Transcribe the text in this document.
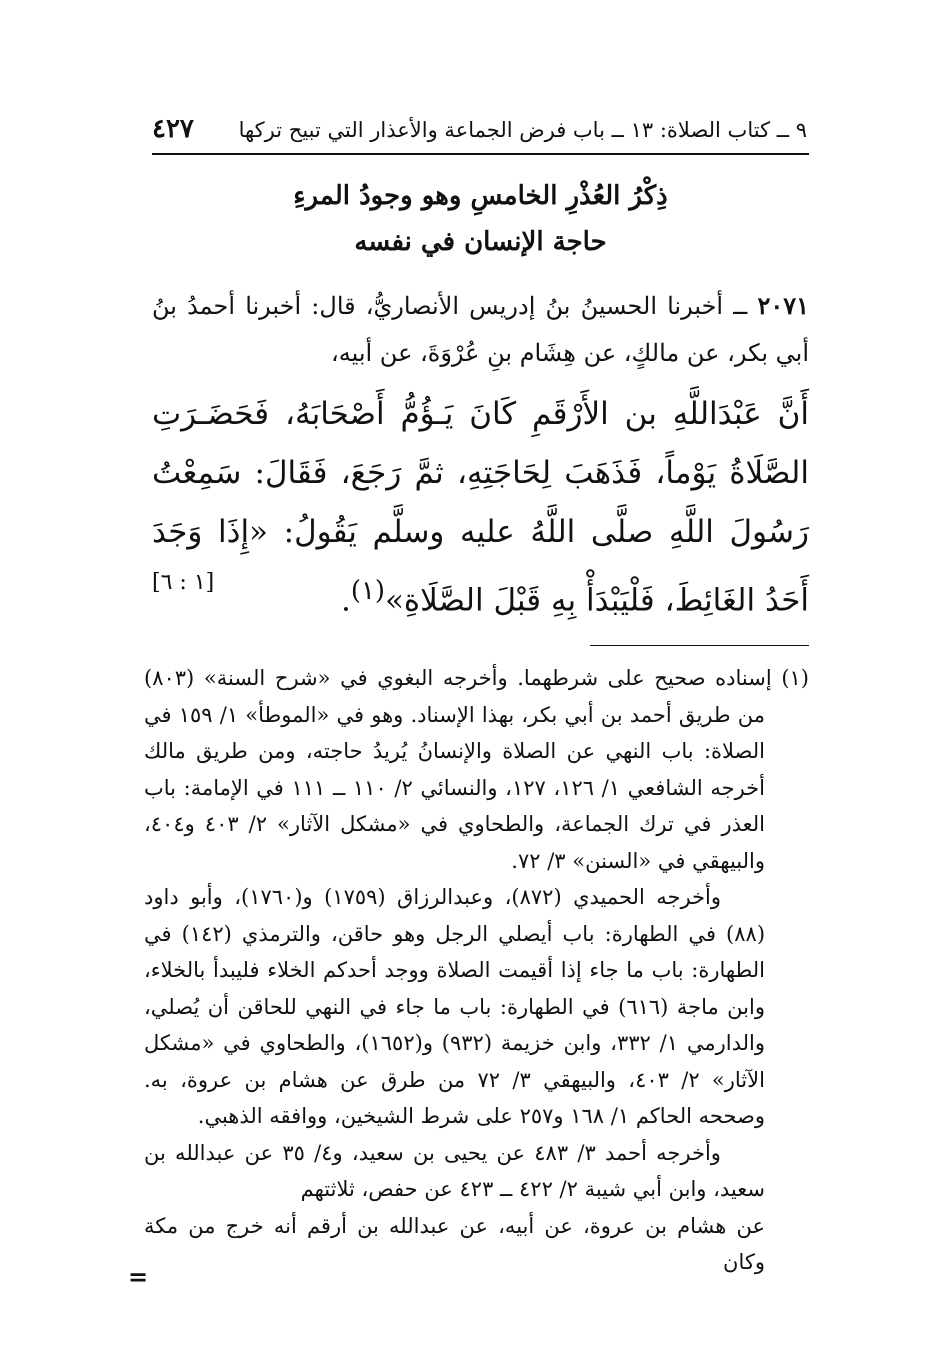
٩ ــ كتاب الصلاة: ١٣ ــ باب فرض الجماعة والأعذار التي تبيح تركها
٤٢٧
ذِكْرُ العُذْرِ الخامسِ وهو وجودُ المرءِ
حاجة الإنسان في نفسه
٢٠٧١ ــ أخبرنا الحسينُ بنُ إدريس الأنصاريُّ، قال: أخبرنا أحمدُ بنُ أبي بكر، عن مالكٍ، عن هِشَام بنِ عُرْوَةَ، عن أبيه،
أَنَّ عَبْدَاللَّهِ بن الأَرْقَمِ كَانَ يَـؤُمُّ أَصْحَابَهُ، فَحَضَـرَتِ الصَّلَاةُ يَوْماً، فَذَهَبَ لِحَاجَتِهِ، ثمَّ رَجَعَ، فَقَالَ: سَمِعْتُ رَسُولَ اللَّهِ صلَّى اللَّهُ عليه وسلَّم يَقُولُ: «إِذَا وَجَدَ أَحَدُ الغَائِطَ، فَلْيَبْدَأْ بِهِ قَبْلَ الصَّلَاةِ»$^{(١)}$.
[١ : ٦]

(١) إسناده صحيح على شرطهما. وأخرجه البغوي في «شرح السنة» (٨٠٣) من طريق أحمد بن أبي بكر، بهذا الإسناد. وهو في «الموطأ» ١/ ١٥٩ في الصلاة: باب النهي عن الصلاة والإنسانُ يُريدُ حاجته، ومن طريق مالك أخرجه الشافعي ١/ ١٢٦، ١٢٧، والنسائي ٢/ ١١٠ ــ ١١١ في الإمامة: باب العذر في ترك الجماعة، والطحاوي في «مشكل الآثار» ٢/ ٤٠٣ و٤٠٤، والبيهقي في «السنن» ٣/ ٧٢.

وأخرجه الحميدي (٨٧٢)، وعبدالرزاق (١٧٥٩) و(١٧٦٠)، وأبو داود (٨٨) في الطهارة: باب أيصلي الرجل وهو حاقن، والترمذي (١٤٢) في الطهارة: باب ما جاء إذا أقيمت الصلاة ووجد أحدكم الخلاء فليبدأ بالخلاء، وابن ماجة (٦١٦) في الطهارة: باب ما جاء في النهي للحاقن أن يُصلي، والدارمي ١/ ٣٣٢، وابن خزيمة (٩٣٢) و(١٦٥٢)، والطحاوي في «مشكل الآثار» ٢/ ٤٠٣، والبيهقي ٣/ ٧٢ من طرق عن هشام بن عروة، به. وصححه الحاكم ١/ ١٦٨ و٢٥٧ على شرط الشيخين، ووافقه الذهبي.

وأخرجه أحمد ٣/ ٤٨٣ عن يحيى بن سعيد، و٤/ ٣٥ عن عبدالله بن سعيد، وابن أبي شيبة ٢/ ٤٢٢ ــ ٤٢٣ عن حفص، ثلاثتهم

عن هشام بن عروة، عن أبيه، عن عبدالله بن أرقم أنه خرج من مكة وكان

=
